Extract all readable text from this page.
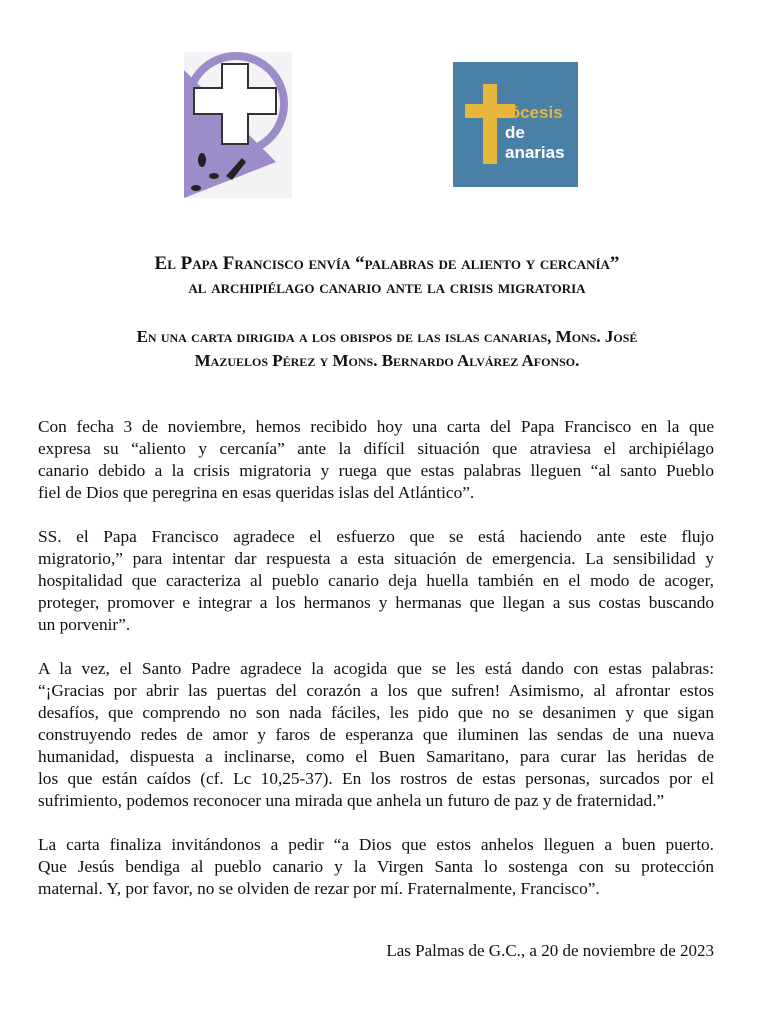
iócesis
de
anarias
El Papa Francisco envía “palabras de aliento y cercanía”
al archipiélago canario ante la crisis migratoria
En una carta dirigida a los obispos de las islas canarias, Mons. José
Mazuelos Pérez y Mons. Bernardo Alvárez Afonso.
Con fecha 3 de noviembre, hemos recibido hoy una carta del Papa Francisco en la que
expresa su “aliento y cercanía” ante la difícil situación que atraviesa el archipiélago
canario debido a la crisis migratoria y ruega que estas palabras lleguen “al santo Pueblo
fiel de Dios que peregrina en esas queridas islas del Atlántico”.
SS. el Papa Francisco agradece el esfuerzo que se está haciendo ante este flujo
migratorio,” para intentar dar respuesta a esta situación de emergencia. La sensibilidad y
hospitalidad que caracteriza al pueblo canario deja huella también en el modo de acoger,
proteger, promover e integrar a los hermanos y hermanas que llegan a sus costas buscando
un porvenir”.
A la vez, el Santo Padre agradece la acogida que se les está dando con estas palabras:
“¡Gracias por abrir las puertas del corazón a los que sufren! Asimismo, al afrontar estos
desafíos, que comprendo no son nada fáciles, les pido que no se desanimen y que sigan
construyendo redes de amor y faros de esperanza que iluminen las sendas de una nueva
humanidad, dispuesta a inclinarse, como el Buen Samaritano, para curar las heridas de
los que están caídos (cf. Lc 10,25-37). En los rostros de estas personas, surcados por el
sufrimiento, podemos reconocer una mirada que anhela un futuro de paz y de fraternidad.”
La carta finaliza invitándonos a pedir “a Dios que estos anhelos lleguen a buen puerto.
Que Jesús bendiga al pueblo canario y la Virgen Santa lo sostenga con su protección
maternal. Y, por favor, no se olviden de rezar por mí. Fraternalmente, Francisco”.
Las Palmas de G.C., a 20 de noviembre de 2023
